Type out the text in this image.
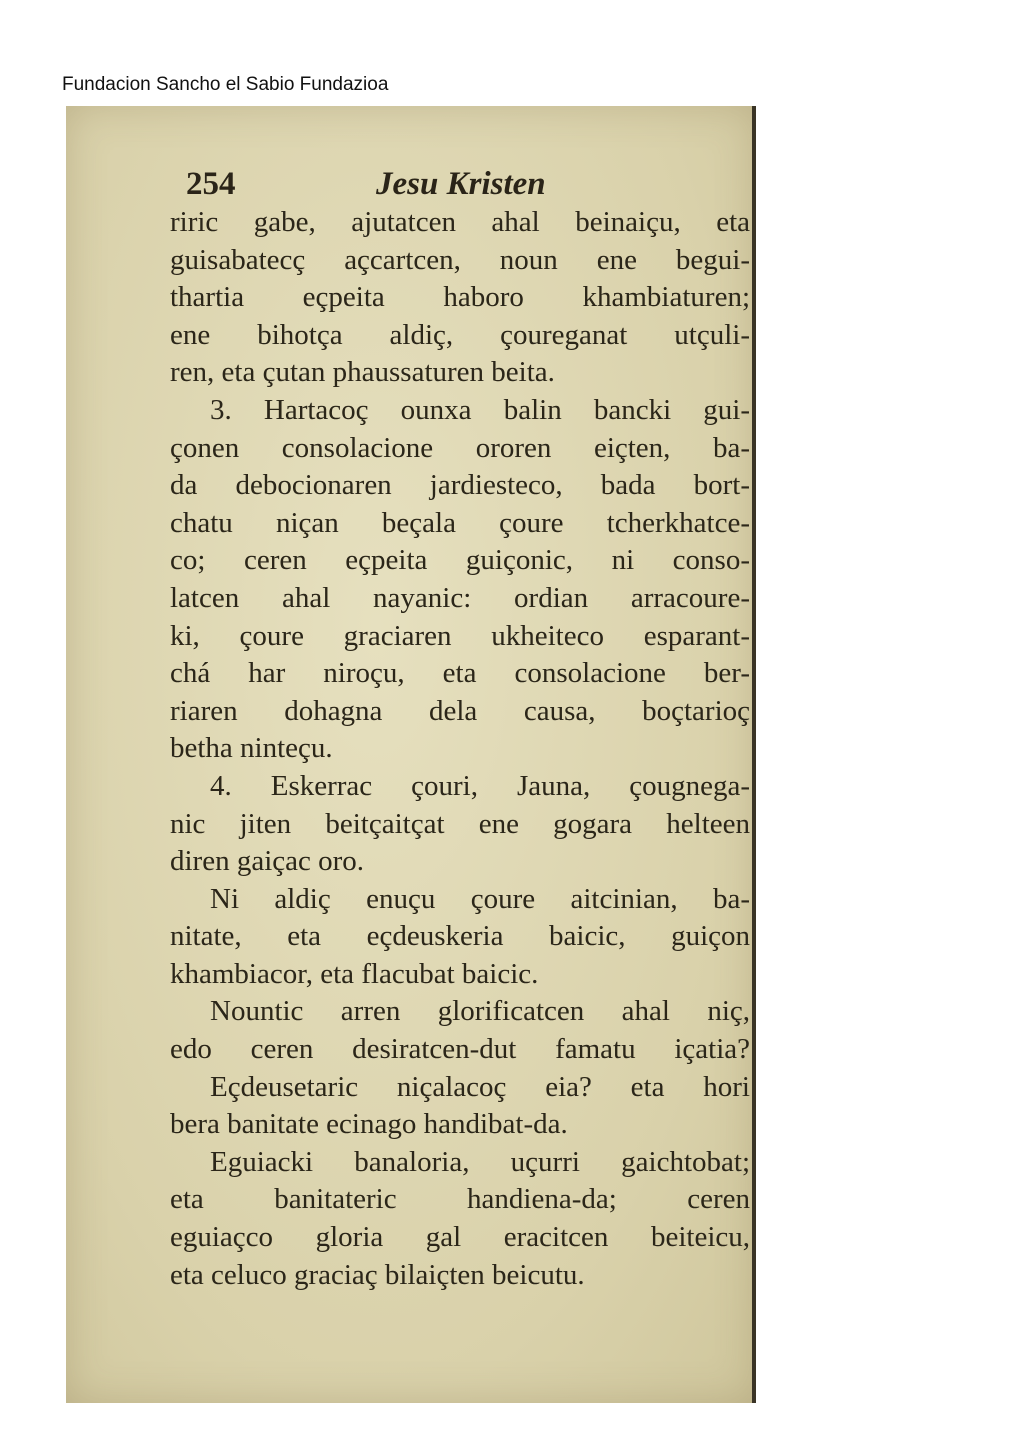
Fundacion Sancho el Sabio Fundazioa
254	Jesu Kristen
riric gabe, ajutatcen ahal beinaiçu, eta
guisabatecç açcartcen, noun ene begui-
thartia eçpeita haboro khambiaturen;
ene bihotça aldiç, çoureganat utçuli-
ren, eta çutan phaussaturen beita.
3. Hartacoç ounxa balin bancki gui-
çonen consolacione ororen eiçten, ba-
da debocionaren jardiesteco, bada bort-
chatu niçan beçala çoure tcherkhatce-
co; ceren eçpeita guiçonic, ni conso-
latcen ahal nayanic: ordian arracoure-
ki, çoure graciaren ukheiteco esparant-
chá har niroçu, eta consolacione ber-
riaren dohagna dela causa, boçtarioç
betha ninteçu.
4. Eskerrac çouri, Jauna, çougnega-
nic jiten beitçaitçat ene gogara helteen
diren gaiçac oro.
Ni aldiç enuçu çoure aitcinian, ba-
nitate, eta eçdeuskeria baicic, guiçon
khambiacor, eta flacubat baicic.
Nountic arren glorificatcen ahal niç,
edo ceren desiratcen-dut famatu içatia?
Eçdeusetaric niçalacoç eia? eta hori
bera banitate ecinago handibat-da.
Eguiacki banaloria, uçurri gaichtobat;
eta banitateric handiena-da; ceren
eguiaçco gloria gal eracitcen beiteicu,
eta celuco graciaç bilaiçten beicutu.
